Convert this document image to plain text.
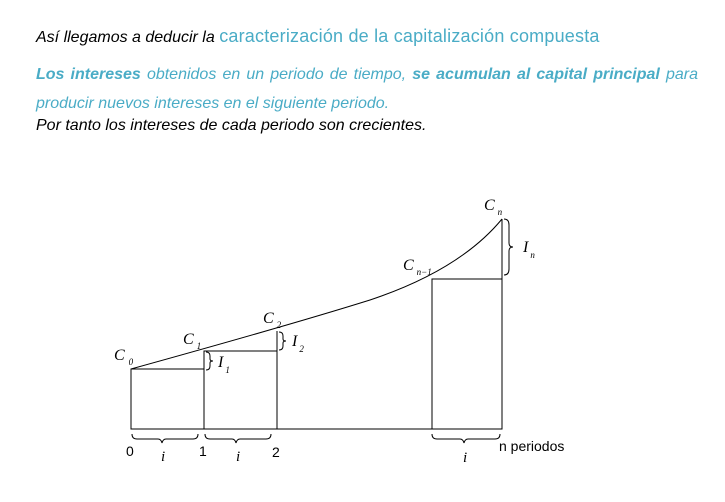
Así llegamos a deducir la caracterización de la capitalización compuesta
Los intereses obtenidos en un periodo de tiempo, se acumulan al capital principal para producir nuevos intereses en el siguiente periodo.
Por tanto los intereses de cada periodo son crecientes.
C $_0$
C $_1$
C $_2$
C $_{n-1}$
C $_n$
I $_1$
I $_2$
I $_n$
0	1	2	n periodos
i	i	i
